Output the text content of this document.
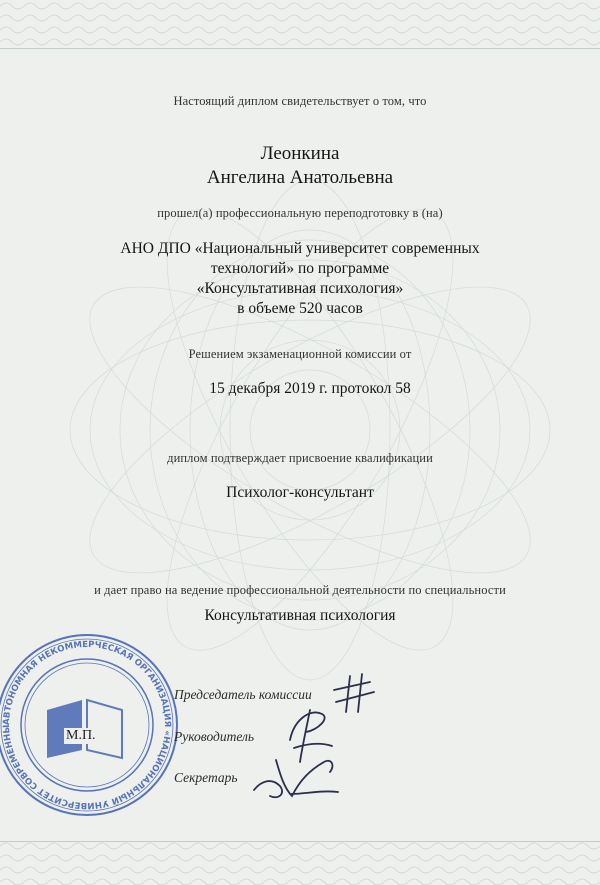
Настоящий диплом свидетельствует о том, что
Леонкина
Ангелина Анатольевна
прошел(а) профессиональную переподготовку в (на)
АНО ДПО «Национальный университет современных
технологий» по программе
«Консультативная психология»
в объеме 520 часов
Решением экзаменационной комиссии от
15 декабря 2019 г. протокол 58
диплом подтверждает присвоение квалификации
Психолог-консультант
и дает право на ведение профессиональной деятельности по специальности
Консультативная психология
АВТОНОМНАЯ НЕКОММЕРЧЕСКАЯ ОРГАНИЗАЦИЯ «НАЦИОНАЛЬНЫЙ УНИВЕРСИТЕТ СОВРЕМЕННЫ	М.П.
Председатель комиссии
Руководитель
Секретарь
